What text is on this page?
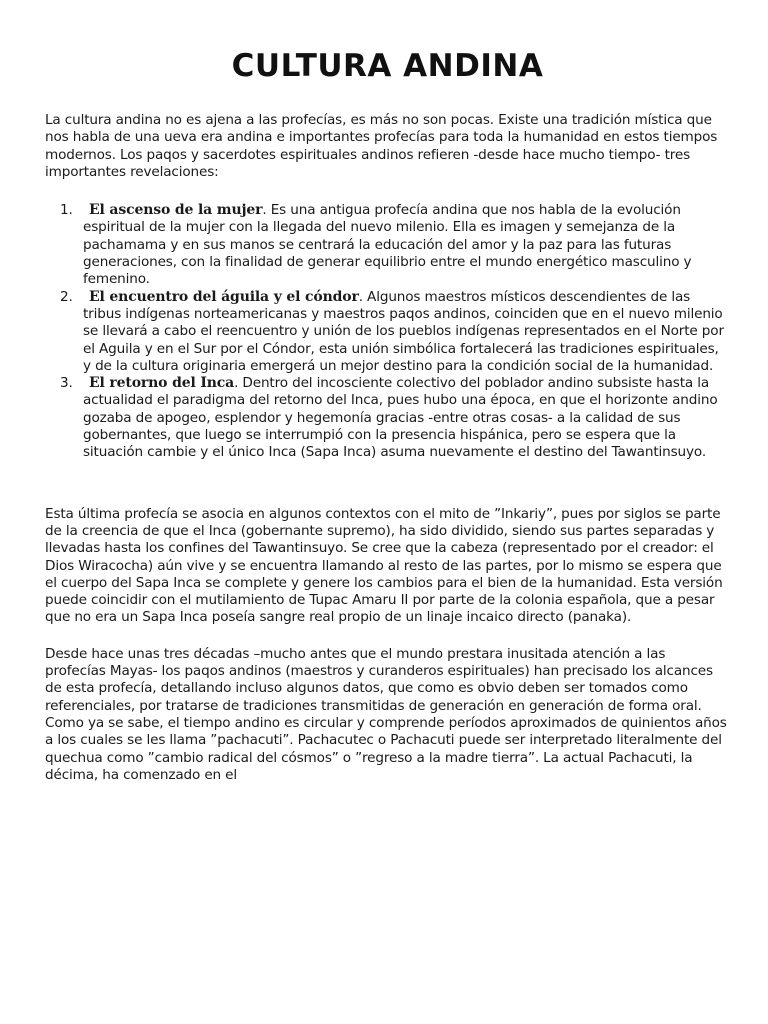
CULTURA ANDINA

La cultura andina no es ajena a las profecías, es más no son pocas. Existe una tradición mística que nos habla de una ueva era andina e importantes profecías para toda la humanidad en estos tiempos modernos. Los paqos y sacerdotes espirituales andinos refieren -desde hace mucho tiempo- tres importantes revelaciones:

1. El ascenso de la mujer. Es una antigua profecía andina que nos habla de la evolución espiritual de la mujer con la llegada del nuevo milenio. Ella es imagen y semejanza de la pachamama y en sus manos se centrará la educación del amor y la paz para las futuras generaciones, con la finalidad de generar equilibrio entre el mundo energético masculino y femenino.
2. El encuentro del águila y el cóndor. Algunos maestros místicos descendientes de las tribus indígenas norteamericanas y maestros paqos andinos, coinciden que en el nuevo milenio se llevará a cabo el reencuentro y unión de los pueblos indígenas representados en el Norte por el Aguila y en el Sur por el Cóndor, esta unión simbólica fortalecerá las tradiciones espirituales, y de la cultura originaria emergerá un mejor destino para la condición social de la humanidad.
3. El retorno del Inca. Dentro del incosciente colectivo del poblador andino subsiste hasta la actualidad el paradigma del retorno del Inca, pues hubo una época, en que el horizonte andino gozaba de apogeo, esplendor y hegemonía gracias -entre otras cosas- a la calidad de sus gobernantes, que luego se interrumpió con la presencia hispánica, pero se espera que la situación cambie y el único Inca (Sapa Inca) asuma nuevamente el destino del Tawantinsuyo.

Esta última profecía se asocia en algunos contextos con el mito de ”Inkariy”, pues por siglos se parte de la creencia de que el Inca (gobernante supremo), ha sido dividido, siendo sus partes separadas y llevadas hasta los confines del Tawantinsuyo. Se cree que la cabeza (representado por el creador: el Dios Wiracocha) aún vive y se encuentra llamando al resto de las partes, por lo mismo se espera que el cuerpo del Sapa Inca se complete y genere los cambios para el bien de la humanidad. Esta versión puede coincidir con el mutilamiento de Tupac Amaru II por parte de la colonia española, que a pesar que no era un Sapa Inca poseía sangre real propio de un linaje incaico directo (panaka).

Desde hace unas tres décadas –mucho antes que el mundo prestara inusitada atención a las profecías Mayas- los paqos andinos (maestros y curanderos espirituales) han precisado los alcances de esta profecía, detallando incluso algunos datos, que como es obvio deben ser tomados como referenciales, por tratarse de tradiciones transmitidas de generación en generación de forma oral. Como ya se sabe, el tiempo andino es circular y comprende períodos aproximados de quinientos años a los cuales se les llama ”pachacuti”. Pachacutec o Pachacuti puede ser interpretado literalmente del quechua como ”cambio radical del cósmos” o ”regreso a la madre tierra”. La actual Pachacuti, la décima, ha comenzado en el
